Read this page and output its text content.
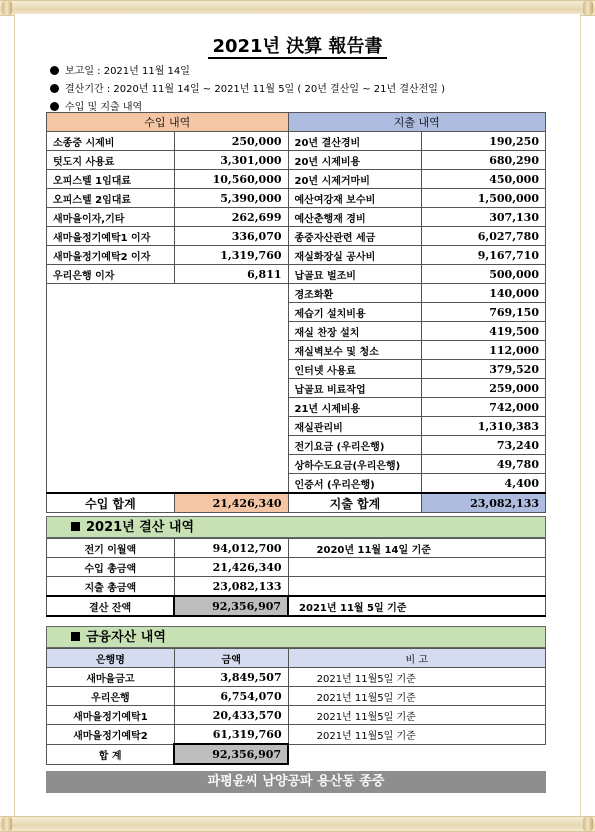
2021년 決算 報告書
보고일 : 2021년 11월 14일
결산기간 : 2020년 11월 14일 ~ 2021년 11월 5일 ( 20년 결산일 ~ 21년 결산전일 )
수입 및 지출 내역
수입 내역		지출 내역	
소종중 시제비	250,000	20년 결산경비	190,250
텃도지 사용료	3,301,000	20년 시제비용	680,290
오피스텔 1임대료	10,560,000	20년 시제거마비	450,000
오피스텔 2임대료	5,390,000	예산여강재 보수비	1,500,000
새마을이자,기타	262,699	예산춘행재 경비	307,130
새마을정기예탁1 이자	336,070	종중자산관련 세금	6,027,780
새마을정기예탁2 이자	1,319,760	재실화장실 공사비	9,167,710
우리은행 이자	6,811	납골묘 벌조비	500,000
		경조화환	140,000
		제습기 설치비용	769,150
		재실 찬장 설치	419,500
		재실벽보수 및 청소	112,000
		인터넷 사용료	379,520
		납골묘 비료작업	259,000
		21년 시제비용	742,000
		재실관리비	1,310,383
		전기요금 (우리은행)	73,240
		상하수도요금(우리은행)	49,780
		인증서 (우리은행)	4,400
수입 합계	21,426,340	지출 합계	23,082,133
2021년 결산 내역
전기 이월액	94,012,700	2020년 11월 14일 기준
수입 총금액	21,426,340	
지출 총금액	23,082,133	
결산 잔액	92,356,907	2021년 11월 5일 기준
금융자산 내역
은행명	금액	비 고
새마을금고	3,849,507	2021년 11월5일 기준
우리은행	6,754,070	2021년 11월5일 기준
새마을정기예탁1	20,433,570	2021년 11월5일 기준
새마을정기예탁2	61,319,760	2021년 11월5일 기준
합 계	92,356,907	
파평윤씨 남양공파 용산동 종중
